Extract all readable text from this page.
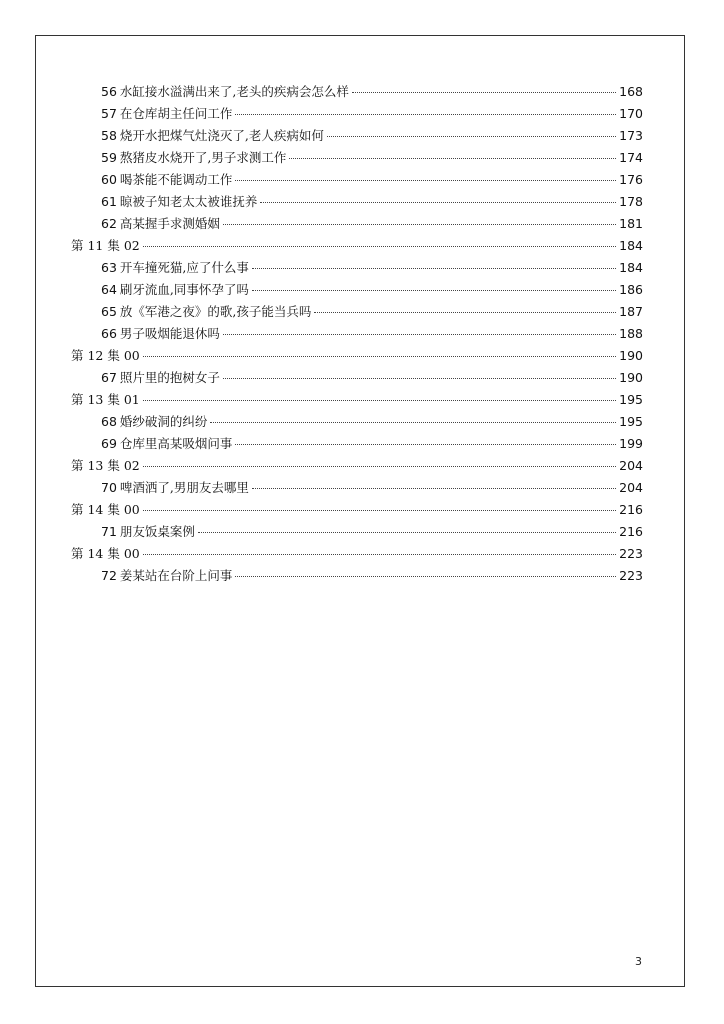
56 水缸接水溢满出来了,老头的疾病会怎么样	168
57 在仓库胡主任问工作	170
58 烧开水把煤气灶浇灭了,老人疾病如何	173
59 熬猪皮水烧开了,男子求测工作	174
60 喝茶能不能调动工作	176
61 晾被子知老太太被谁抚养	178
62 高某握手求测婚姻	181
第 11 集 02	184
63 开车撞死猫,应了什么事	184
64 刷牙流血,同事怀孕了吗	186
65 放《军港之夜》的歌,孩子能当兵吗	187
66 男子吸烟能退休吗	188
第 12 集 00	190
67 照片里的抱树女子	190
第 13 集 01	195
68 婚纱破洞的纠纷	195
69 仓库里高某吸烟问事	199
第 13 集 02	204
70 啤酒洒了,男朋友去哪里	204
第 14 集 00	216
71 朋友饭桌案例	216
第 14 集 00	223
72 姜某站在台阶上问事	223
3
